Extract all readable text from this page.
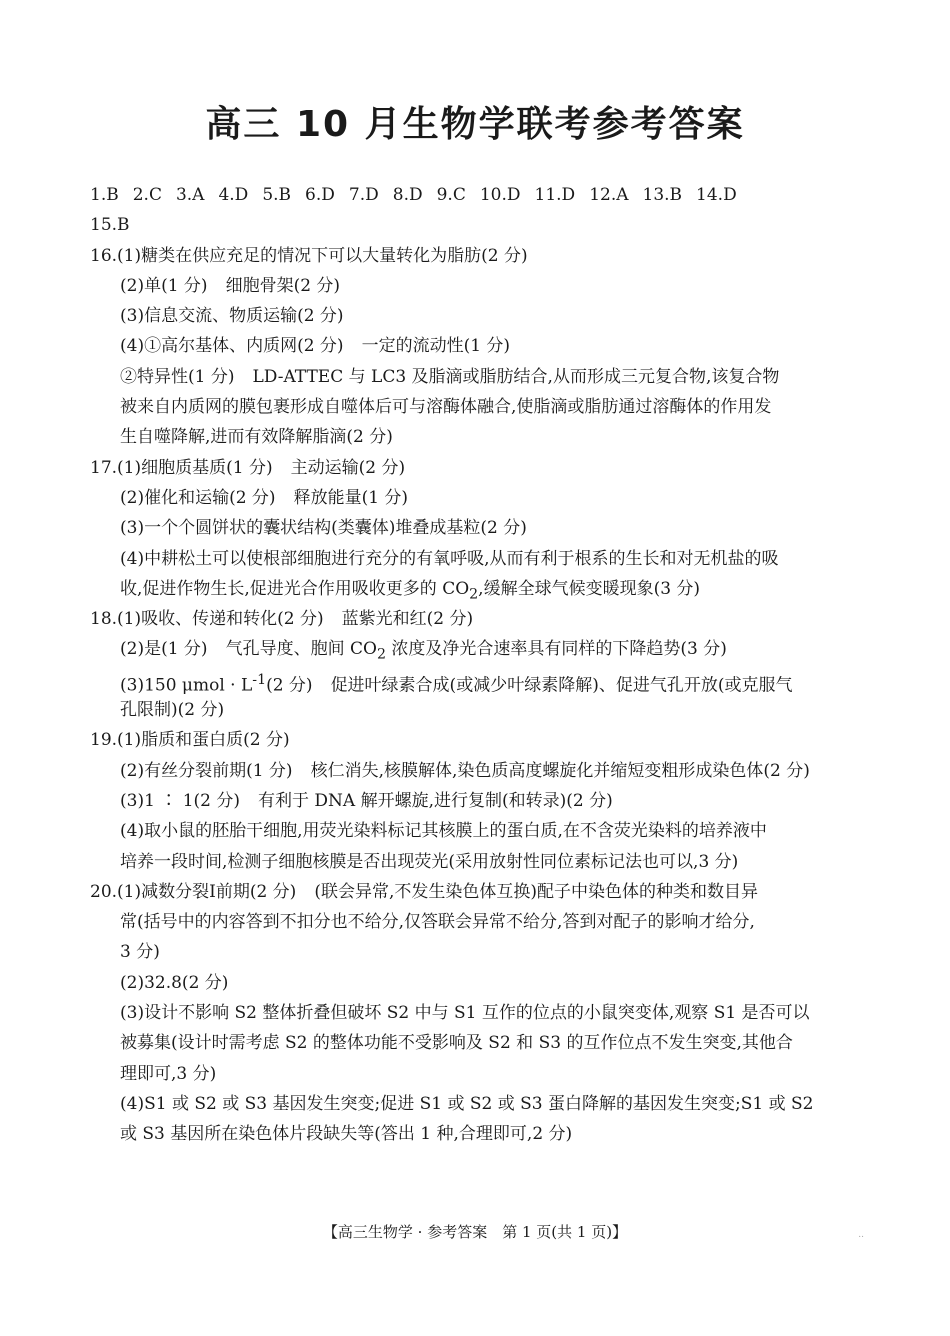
高三 10 月生物学联考参考答案
1.B 2.C 3.A 4.D 5.B 6.D 7.D 8.D 9.C 10.D 11.D 12.A 13.B 14.D
15.B
16.(1)糖类在供应充足的情况下可以大量转化为脂肪(2 分)
(2)单(1 分) 细胞骨架(2 分)
(3)信息交流、物质运输(2 分)
(4)①高尔基体、内质网(2 分) 一定的流动性(1 分)
②特异性(1 分) LD-ATTEC 与 LC3 及脂滴或脂肪结合,从而形成三元复合物,该复合物
被来自内质网的膜包裹形成自噬体后可与溶酶体融合,使脂滴或脂肪通过溶酶体的作用发
生自噬降解,进而有效降解脂滴(2 分)
17.(1)细胞质基质(1 分) 主动运输(2 分)
(2)催化和运输(2 分) 释放能量(1 分)
(3)一个个圆饼状的囊状结构(类囊体)堆叠成基粒(2 分)
(4)中耕松土可以使根部细胞进行充分的有氧呼吸,从而有利于根系的生长和对无机盐的吸
收,促进作物生长,促进光合作用吸收更多的 $CO_2$,缓解全球气候变暖现象(3 分)
18.(1)吸收、传递和转化(2 分) 蓝紫光和红(2 分)
(2)是(1 分) 气孔导度、胞间 $CO_2$ 浓度及净光合速率具有同样的下降趋势(3 分)
(3)150 $\mu mol \cdot L^{-1}(2$ 分) 促进叶绿素合成(或减少叶绿素降解)、促进气孔开放(或克服气
孔限制)(2 分)
19.(1)脂质和蛋白质(2 分)
(2)有丝分裂前期(1 分) 核仁消失,核膜解体,染色质高度螺旋化并缩短变粗形成染色体(2 分)
(3)1 ∶ 1(2 分) 有利于 DNA 解开螺旋,进行复制(和转录)(2 分)
(4)取小鼠的胚胎干细胞,用荧光染料标记其核膜上的蛋白质,在不含荧光染料的培养液中
培养一段时间,检测子细胞核膜是否出现荧光(采用放射性同位素标记法也可以,3 分)
20.(1)减数分裂Ⅰ前期(2 分) (联会异常,不发生染色体互换)配子中染色体的种类和数目异
常(括号中的内容答到不扣分也不给分,仅答联会异常不给分,答到对配子的影响才给分,
3 分)
(2)32.8(2 分)
(3)设计不影响 S2 整体折叠但破坏 S2 中与 S1 互作的位点的小鼠突变体,观察 S1 是否可以
被募集(设计时需考虑 S2 的整体功能不受影响及 S2 和 S3 的互作位点不发生突变,其他合
理即可,3 分)
(4)S1 或 S2 或 S3 基因发生突变;促进 S1 或 S2 或 S3 蛋白降解的基因发生突变;S1 或 S2
或 S3 基因所在染色体片段缺失等(答出 1 种,合理即可,2 分)
【高三生物学 · 参考答案　第 1 页(共 1 页)】	..
